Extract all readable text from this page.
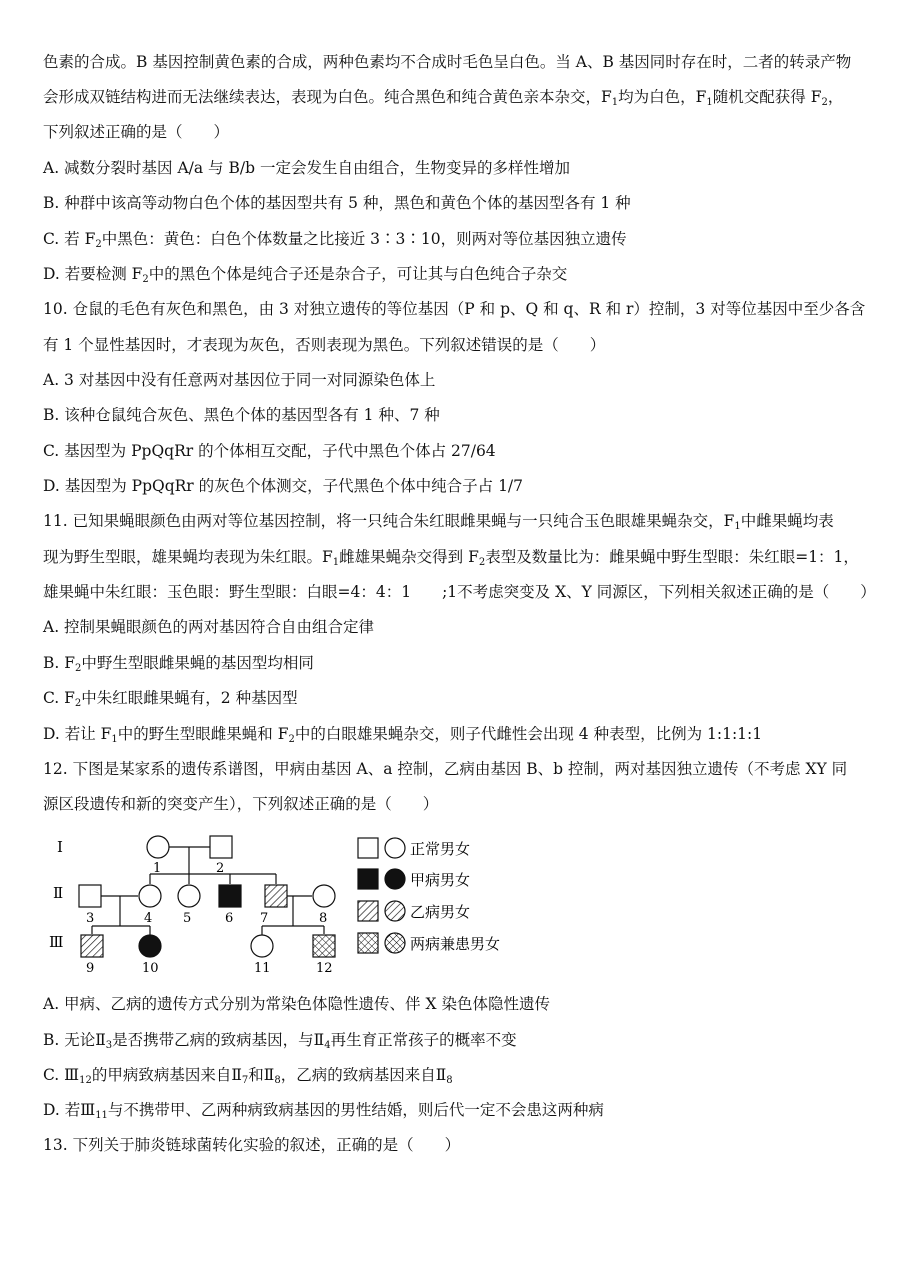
色素的合成。B 基因控制黄色素的合成，两种色素均不合成时毛色呈白色。当 A、B 基因同时存在时，二者的转录产物
会形成双链结构进而无法继续表达，表现为白色。纯合黑色和纯合黄色亲本杂交，$F_1$均为白色，$F_1$随机交配获得 $F_2$，
下列叙述正确的是（　　）
A. 减数分裂时基因 A/a 与 B/b 一定会发生自由组合，生物变异的多样性增加
B. 种群中该高等动物白色个体的基因型共有 5 种，黑色和黄色个体的基因型各有 1 种
C. 若 $F_2$中黑色：黄色：白色个体数量之比接近 3∶3∶10，则两对等位基因独立遗传
D. 若要检测 $F_2$中的黑色个体是纯合子还是杂合子，可让其与白色纯合子杂交
10. 仓鼠的毛色有灰色和黑色，由 3 对独立遗传的等位基因（P 和 p、Q 和 q、R 和 r）控制，3 对等位基因中至少各含
有 1 个显性基因时，才表现为灰色，否则表现为黑色。下列叙述错误的是（　　）
A. 3 对基因中没有任意两对基因位于同一对同源染色体上
B. 该种仓鼠纯合灰色、黑色个体的基因型各有 1 种、7 种
C. 基因型为 PpQqRr 的个体相互交配，子代中黑色个体占 27/64
D. 基因型为 PpQqRr 的灰色个体测交，子代黑色个体中纯合子占 1/7
11. 已知果蝇眼颜色由两对等位基因控制，将一只纯合朱红眼雌果蝇与一只纯合玉色眼雄果蝇杂交，$F_1$中雌果蝇均表
现为野生型眼，雄果蝇均表现为朱红眼。$F_1$雌雄果蝇杂交得到 $F_2$表型及数量比为：雌果蝇中野生型眼：朱红眼=1：1，
雄果蝇中朱红眼：玉色眼：野生型眼：白眼=4：4：1　　;1不考虑突变及 X、Y 同源区，下列相关叙述正确的是（　　）
A. 控制果蝇眼颜色的两对基因符合自由组合定律
B. $F_2$中野生型眼雌果蝇的基因型均相同
C. $F_2$中朱红眼雌果蝇有，2 种基因型
D. 若让 $F_1$中的野生型眼雌果蝇和 $F_2$中的白眼雄果蝇杂交，则子代雌性会出现 4 种表型，比例为 1:1:1:1
12. 下图是某家系的遗传系谱图，甲病由基因 A、a 控制，乙病由基因 B、b 控制，两对基因独立遗传（不考虑 XY 同
源区段遗传和新的突变产生），下列叙述正确的是（　　）
Ⅰ
Ⅱ
Ⅲ
1	2
3	4 5	6 7	8
9	10	11	12
正常男女
甲病男女
乙病男女
两病兼患男女
A. 甲病、乙病的遗传方式分别为常染色体隐性遗传、伴 X 染色体隐性遗传
B. 无论$Ⅱ_3$是否携带乙病的致病基因，与$Ⅱ_4$再生育正常孩子的概率不变
C. $Ⅲ_{12}$的甲病致病基因来自$Ⅱ_7$和$Ⅱ_8$，乙病的致病基因来自$Ⅱ_8$
D. 若$Ⅲ_{11}$与不携带甲、乙两种病致病基因的男性结婚，则后代一定不会患这两种病
13. 下列关于肺炎链球菌转化实验的叙述，正确的是（　　）
